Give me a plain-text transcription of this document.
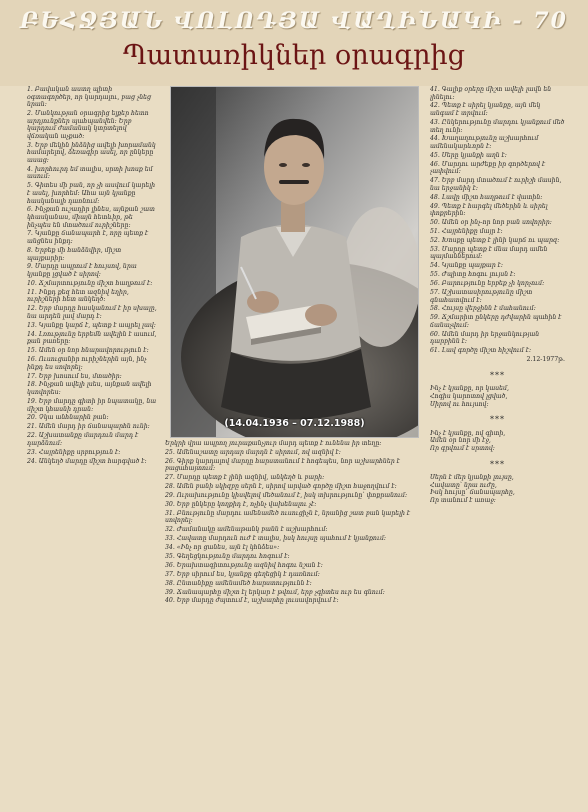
ԲԵՀՋՅԱՆ ՎՈԼՈԴՅԱ ՎԱՂԻՆԱԿԻ - 70
Պատառիկներ օրագրից

1. Բավական աստղ պիտի օգտագործեր, որ կարդալու, բաց չնեց նրան:

2. Մանկության օրագրից ելքեր հետո արդյունքներ պահպանվեն: Երբ կարդում ժամանակ կտրտելով վճռական աչքած:

3. Երբ մեկին ինձնից ավելի խորամանկ համարելով, ձեռագիր ասել, որ ընկերը ասաց:

4. խորհուրդ եմ տալիս, սրտի խոսք եմ ասում:

5. Գիտես մի բան, որ չի ասվում կարելի է ասել, խորհեմ: Ահա այն կյանքը հասկանալի դառնում:

6. Ինչքան ուշադիր լինես, այնքան շատ կհասկանաս, միայն հետևիր, թե ինչպես են մտածում ուրիշները:

7. Կյանքը ճանապարհ է, որը պետք է անցնես ինքդ:

8. Երբեք մի հանձնվիր, միշտ պայքարիր:

9. Մարդը ապրում է հույսով, նրա կյանքը լցված է սիրով:

10. Ճշմարտությունը միշտ հաղթում է:

11. Ինքդ քեզ հետ ազնիվ եղիր, ուրիշների հետ անկեղծ:

12. Երբ մարդը հասկանում է իր սխալը, նա արդեն լավ մարդ է:

13. Կյանքը կարճ է, պետք է ապրել լավ:

14. Լռությունը երբեմն ավելին է ասում, քան բառերը:

15. Ամեն օր նոր հնարավորություն է:

16. Ուսուցանիր ուրիշներին այն, ինչ ինքդ ես սովորել:

17. Երբ խոսում ես, մտածիր:

18. Ինչքան ավելի լսես, այնքան ավելի կսովորես:

19. Երբ մարդը գիտի իր նպատակը, նա միշտ կհասնի դրան:

20. Չկա անհնարին բան:

21. Ամեն մարդ իր ճանապարհն ունի:

22. Աշխատանքը մարդուն մարդ է դարձնում:

23. Հայրենիքը սրբություն է:

24. Անկեղծ մարդը միշտ հարգված է:

(14.04.1936 – 07.12.1988)

Երկրի վրա ապրող յուրաքանչյուր մարդ պետք է ունենա իր տեղը:

25. Ամենաշատը արդար մարդն է սիրում, ով ազնիվ է:

26. Գիրք կարդալով մարդը հարստանում է հոգեպես, նոր աշխարհներ է բացահայտում:

27. Մարդը պետք է լինի ազնիվ, անկեղծ և բարի:

28. Ամեն բանի սկիզբը սերն է, սիրով արված գործը միշտ հաջողվում է:

29. Ուրախությունը կիսվելով մեծանում է, իսկ տխրությունը՝ փոքրանում:

30. Երբ ընկերը կողքիդ է, ոչինչ վախենալու չէ:

31. Բնությունը մարդու ամենամեծ ուսուցիչն է, նրանից շատ բան կարելի է սովորել:

32. Ժամանակը ամենաթանկ բանն է աշխարհում:

33. Հավատը մարդուն ուժ է տալիս, իսկ հույսը պահում է կյանքում:

34. «Ինչ որ ցանես, այն էլ կհնձես»:

35. Գեղեցկությունը մարդու հոգում է:

36. Երախտագիտությունը ազնիվ հոգու նշան է:

37. Երբ սիրում ես, կյանքը գեղեցիկ է դառնում:

38. Ընտանիքը ամենամեծ հարստությունն է:

39. Ճանապարհը միշտ էլ երկար է թվում, երբ չգիտես ուր ես գնում:

40. Երբ մարդը ժպտում է, աշխարհը լուսավորվում է:

41. Գալիք օրերը միշտ ավելի լավն են լինելու:

42. Պետք է սիրել կյանքը, այն մեկ անգամ է տրվում:

43. Ընկերությունը մարդու կյանքում մեծ տեղ ունի:

44. Խաղաղությունը աշխարհում ամենակարևորն է:

45. Սերը կյանքի աղն է:

46. Մարդու արժեքը իր գործերով է չափվում:

47. Երբ մարդ մտածում է ուրիշի մասին, նա երջանիկ է:

48. Լավը միշտ հաղթում է վատին:

49. Պետք է հարգել մեծերին և սիրել փոքրերին:

50. Ամեն օր ինչ-որ նոր բան սովորիր:

51. Հայրենիքը մայր է:

52. Խոսքը պետք է լինի կարճ ու պարզ:

53. Մարդը պետք է մնա մարդ ամեն պայմաններում:

54. Կյանքը պայքար է:

55. Ժպիտը հոգու լույսն է:

56. Բարությունը երբեք չի կորչում:

57. Աշխատասիրությունը միշտ գնահատվում է:

58. Հույսը վերջինն է մահանում:

59. Ճշմարիտ ընկերը դժվարին պահին է ճանաչվում:

60. Ամեն մարդ իր երջանկության դարբինն է:

61. Լավ գործը միշտ հիշվում է:

2.12-1977թ.

***

Ինչ է կյանքը, որ կասեմ,

Հոգիս կարոտով լցված,

Սիրով ու հույսով:

***

Ինչ է կյանքը, ով գիտի,

Ամեն օր նոր մի էջ,

Որ գրվում է սրտով:

***

Սերն է մեր կյանքի լույսը,

Հավատը՝ նրա ուժը,

Իսկ հույսը՝ ճանապարհը,

Որ տանում է առաջ:
